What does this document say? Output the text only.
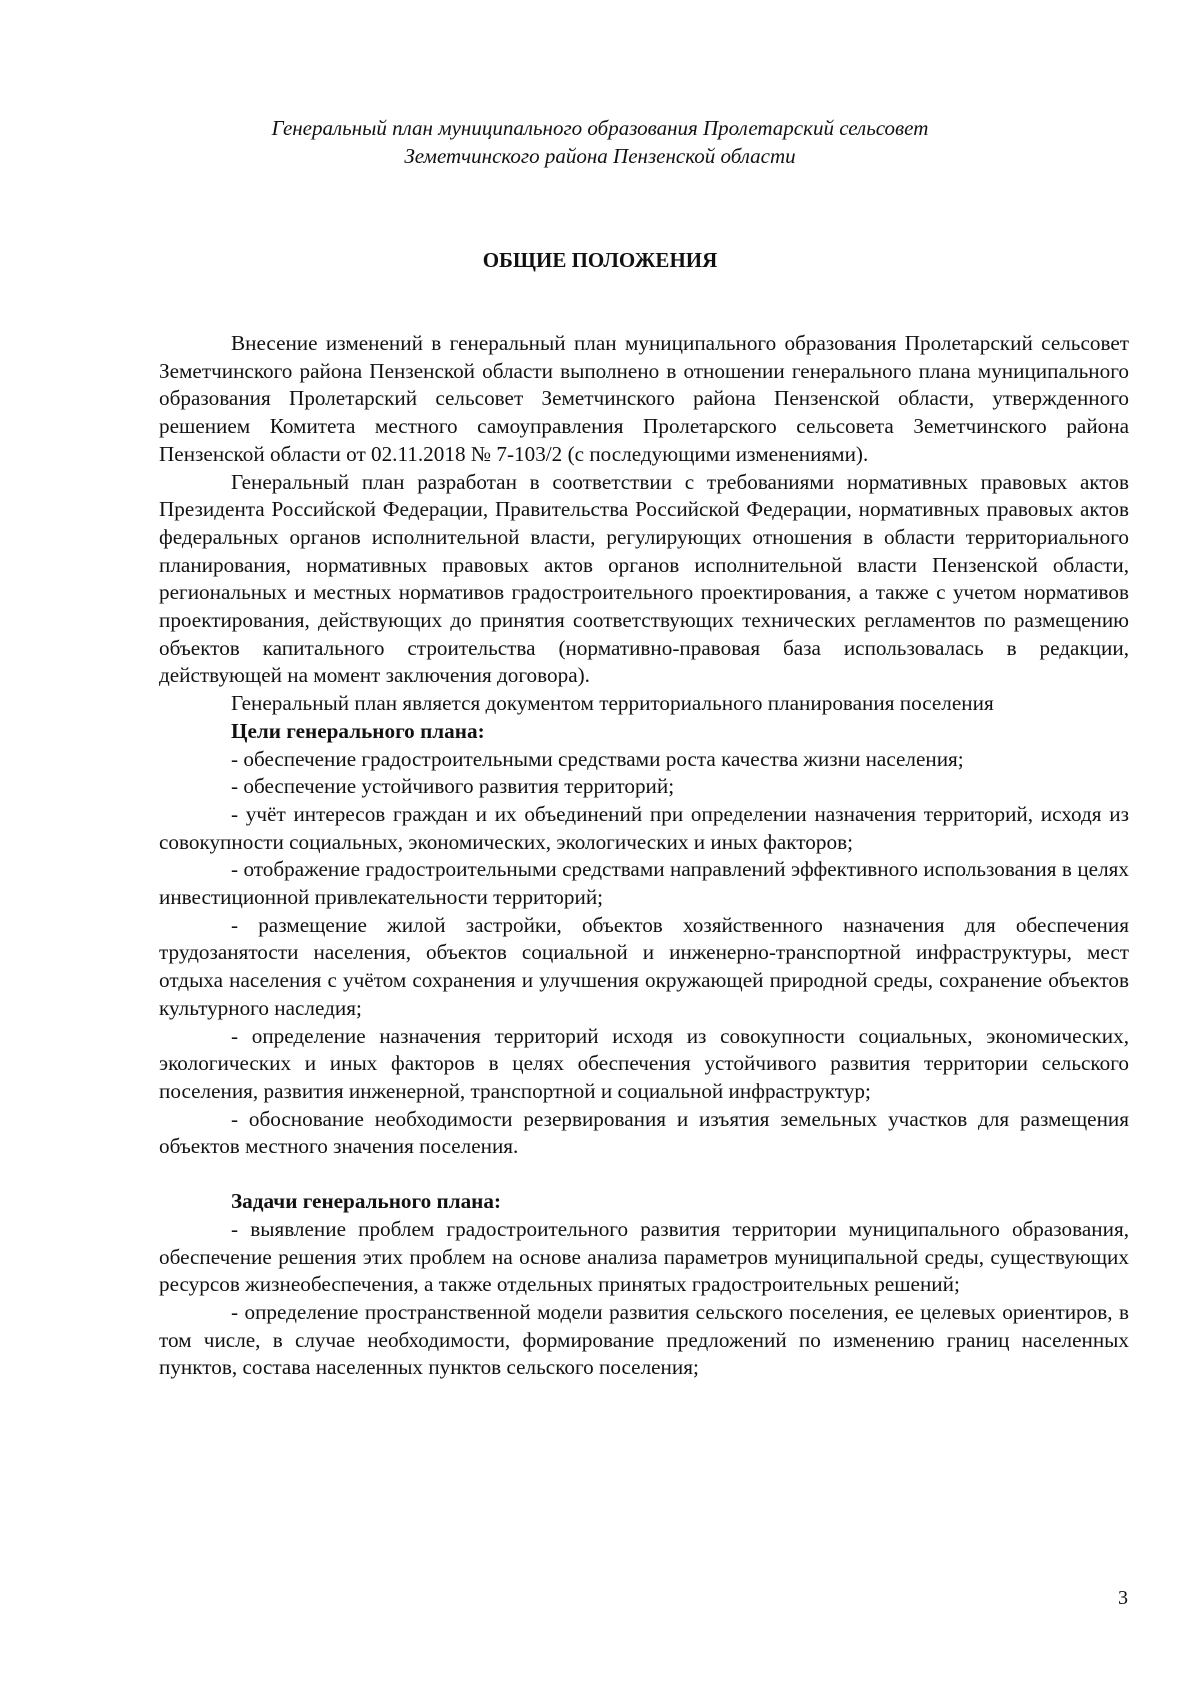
Генеральный план муниципального образования Пролетарский сельсовет
Земетчинского района Пензенской области
ОБЩИЕ ПОЛОЖЕНИЯ

Внесение изменений в генеральный план муниципального образования Пролетарский сельсовет Земетчинского района Пензенской области выполнено в отношении генерального плана муниципального образования Пролетарский сельсовет Земетчинского района Пензенской области, утвержденного решением Комитета местного самоуправления Пролетарского сельсовета Земетчинского района Пензенской области от 02.11.2018 № 7-103/2 (с последующими изменениями).

Генеральный план разработан в соответствии с требованиями нормативных правовых актов Президента Российской Федерации, Правительства Российской Федерации, нормативных правовых актов федеральных органов исполнительной власти, регулирующих отношения в области территориального планирования, нормативных правовых актов органов исполнительной власти Пензенской области, региональных и местных нормативов градостроительного проектирования, а также с учетом нормативов проектирования, действующих до принятия соответствующих технических регламентов по размещению объектов капитального строительства (нормативно-правовая база использовалась в редакции, действующей на момент заключения договора).

Генеральный план является документом территориального планирования поселения

Цели генерального плана:

- обеспечение градостроительными средствами роста качества жизни населения;

- обеспечение устойчивого развития территорий;

- учёт интересов граждан и их объединений при определении назначения территорий, исходя из совокупности социальных, экономических, экологических и иных факторов;

- отображение градостроительными средствами направлений эффективного использования в целях инвестиционной привлекательности территорий;

- размещение жилой застройки, объектов хозяйственного назначения для обеспечения трудозанятости населения, объектов социальной и инженерно-транспортной инфраструктуры, мест отдыха населения с учётом сохранения и улучшения окружающей природной среды, сохранение объектов культурного наследия;

- определение назначения территорий исходя из совокупности социальных, экономических, экологических и иных факторов в целях обеспечения устойчивого развития территории сельского поселения, развития инженерной, транспортной и социальной инфраструктур;

- обоснование необходимости резервирования и изъятия земельных участков для размещения объектов местного значения поселения.

Задачи генерального плана:

- выявление проблем градостроительного развития территории муниципального образования, обеспечение решения этих проблем на основе анализа параметров муниципальной среды, существующих ресурсов жизнеобеспечения, а также отдельных принятых градостроительных решений;

- определение пространственной модели развития сельского поселения, ее целевых ориентиров, в том числе, в случае необходимости, формирование предложений по изменению границ населенных пунктов, состава населенных пунктов сельского поселения;

3
